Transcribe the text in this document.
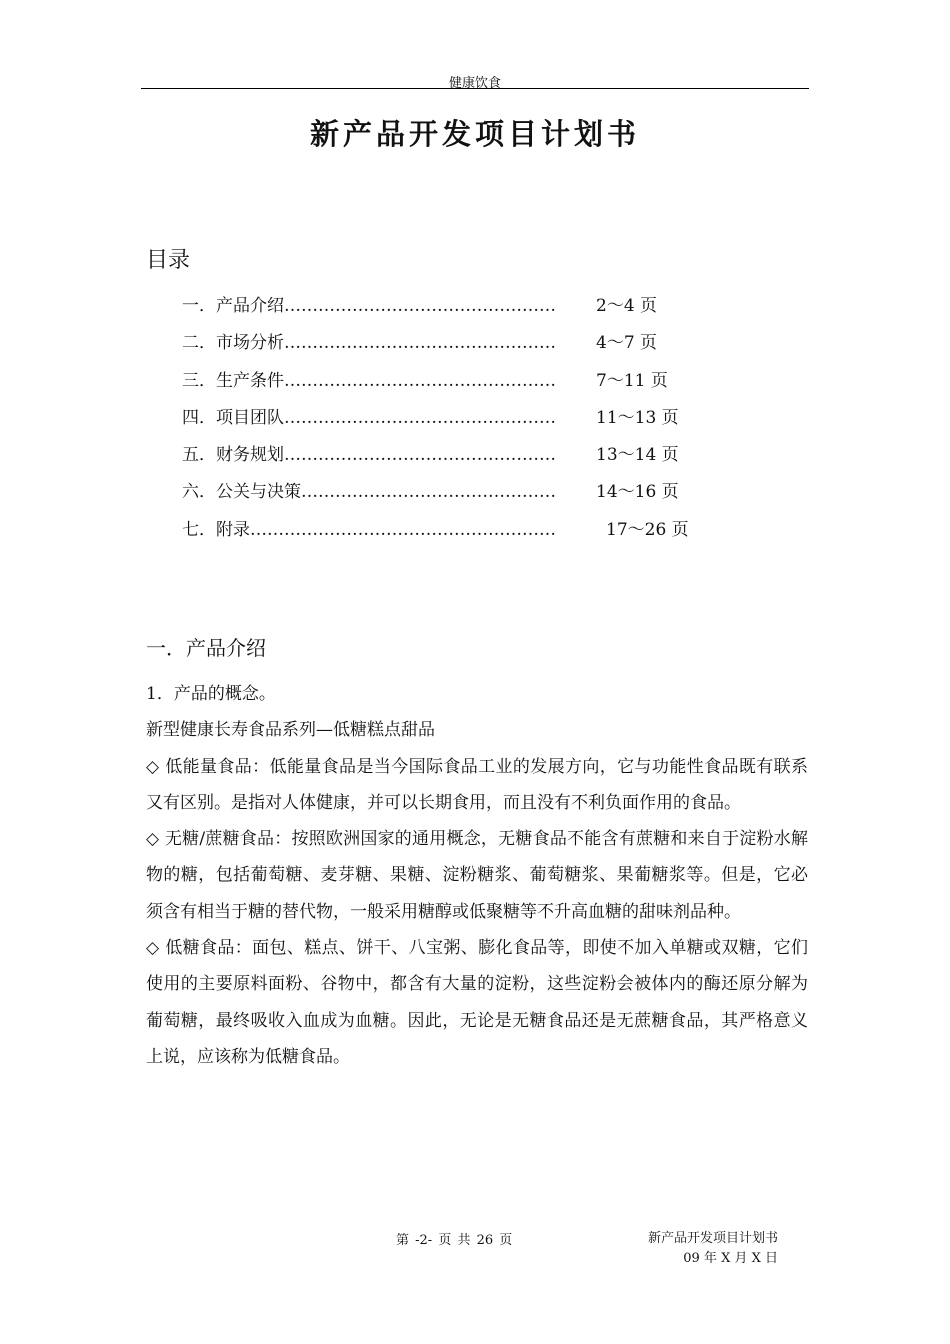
健康饮食
新产品开发项目计划书
目录
一．产品介绍………………………………………… 2～4 页
二．市场分析………………………………………… 4～7 页
三．生产条件………………………………………… 7～11 页
四．项目团队………………………………………… 11～13 页
五．财务规划………………………………………… 13～14 页
六．公关与决策……………………………………… 14～16 页
七．附录………………………………………………	17～26 页
一．产品介绍

1．产品的概念。

新型健康长寿食品系列—低糖糕点甜品

◇ 低能量食品：低能量食品是当今国际食品工业的发展方向，它与功能性食品既有联系又有区别。是指对人体健康，并可以长期食用，而且没有不利负面作用的食品。

◇ 无糖/蔗糖食品：按照欧洲国家的通用概念，无糖食品不能含有蔗糖和来自于淀粉水解物的糖，包括葡萄糖、麦芽糖、果糖、淀粉糖浆、葡萄糖浆、果葡糖浆等。但是，它必须含有相当于糖的替代物，一般采用糖醇或低聚糖等不升高血糖的甜味剂品种。

◇ 低糖食品：面包、糕点、饼干、八宝粥、膨化食品等，即使不加入单糖或双糖，它们使用的主要原料面粉、谷物中，都含有大量的淀粉，这些淀粉会被体内的酶还原分解为葡萄糖，最终吸收入血成为血糖。因此，无论是无糖食品还是无蔗糖食品，其严格意义上说，应该称为低糖食品。

第 -2- 页 共 26 页	新产品开发项目计划书
09 年 X 月 X 日
